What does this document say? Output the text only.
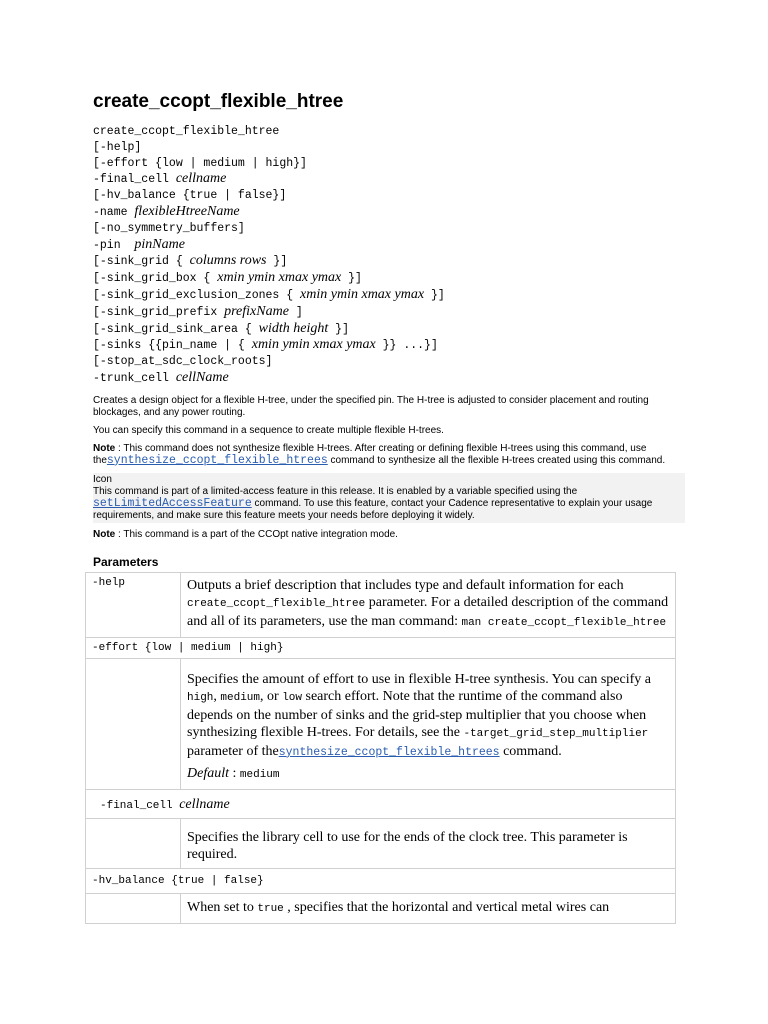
create_ccopt_flexible_htree
create_ccopt_flexible_htree
[-help]
[-effort {low | medium | high}]
-final_cell cellname
[-hv_balance {true | false}]
-name flexibleHtreeName
[-no_symmetry_buffers]
-pin  pinName
[-sink_grid { columns rows }]
[-sink_grid_box { xmin ymin xmax ymax }]
[-sink_grid_exclusion_zones { xmin ymin xmax ymax }]
[-sink_grid_prefix prefixName ]
[-sink_grid_sink_area { width height }]
[-sinks {{pin_name | { xmin ymin xmax ymax }} ...}]
[-stop_at_sdc_clock_roots]
-trunk_cell cellName

Creates a design object for a flexible H-tree, under the specified pin. The H-tree is adjusted to consider placement and routing blockages, and any power routing.

You can specify this command in a sequence to create multiple flexible H-trees.

Note : This command does not synthesize flexible H-trees. After creating or defining flexible H-trees using this command, use thesynthesize_ccopt_flexible_htrees command to synthesize all the flexible H-trees created using this command.

Icon
This command is part of a limited-access feature in this release. It is enabled by a variable specified using the setLimitedAccessFeature command. To use this feature, contact your Cadence representative to explain your usage requirements, and make sure this feature meets your needs before deploying it widely.

Note : This command is a part of the CCOpt native integration mode.

Parameters
-help	Outputs a brief description that includes type and default information for each create_ccopt_flexible_htree parameter. For a detailed description of the command and all of its parameters, use the man command: man create_ccopt_flexible_htree
-effort {low | medium | high}	
	Specifies the amount of effort to use in flexible H-tree synthesis. You can specify a high, medium, or low search effort. Note that the runtime of the command also depends on the number of sinks and the grid-step multiplier that you choose when synthesizing flexible H-trees. For details, see the -target_grid_step_multiplier parameter of thesynthesize_ccopt_flexible_htrees command.
Default : medium

-final_cell cellname	
	Specifies the library cell to use for the ends of the clock tree. This parameter is required.
-hv_balance {true | false}	
	When set to true , specifies that the horizontal and vertical metal wires can
